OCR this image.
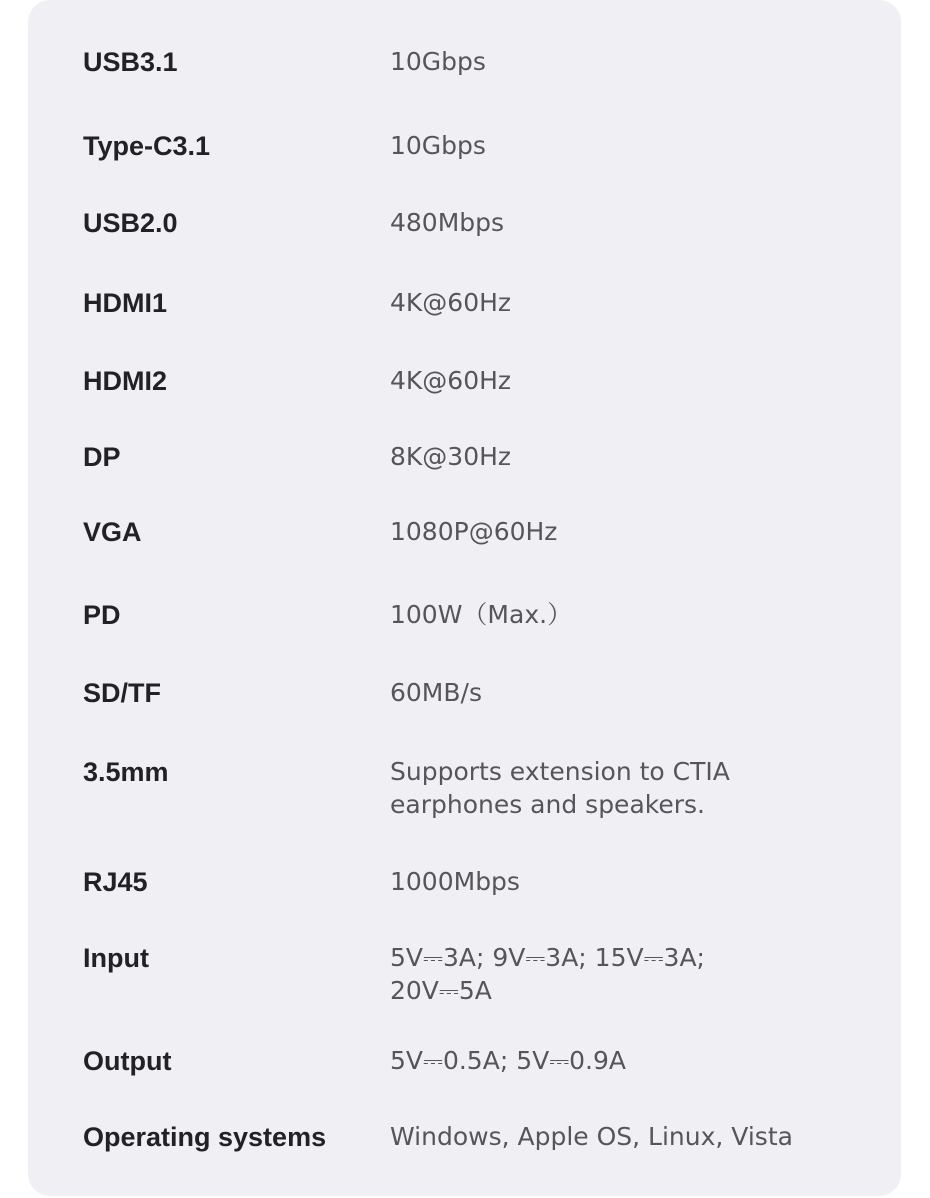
USB3.1	10Gbps
Type-C3.1	10Gbps
USB2.0	480Mbps
HDMI1	4K@60Hz
HDMI2	4K@60Hz
DP	8K@30Hz
VGA	1080P@60Hz
PD	100W（Max.）
SD/TF	60MB/s
3.5mm	Supports extension to CTIA
earphones and speakers.
RJ45	1000Mbps
Input	5V⎓3A; 9V⎓3A; 15V⎓3A;
20V⎓5A
Output	5V⎓0.5A; 5V⎓0.9A
Operating systems	Windows, Apple OS, Linux, Vista
